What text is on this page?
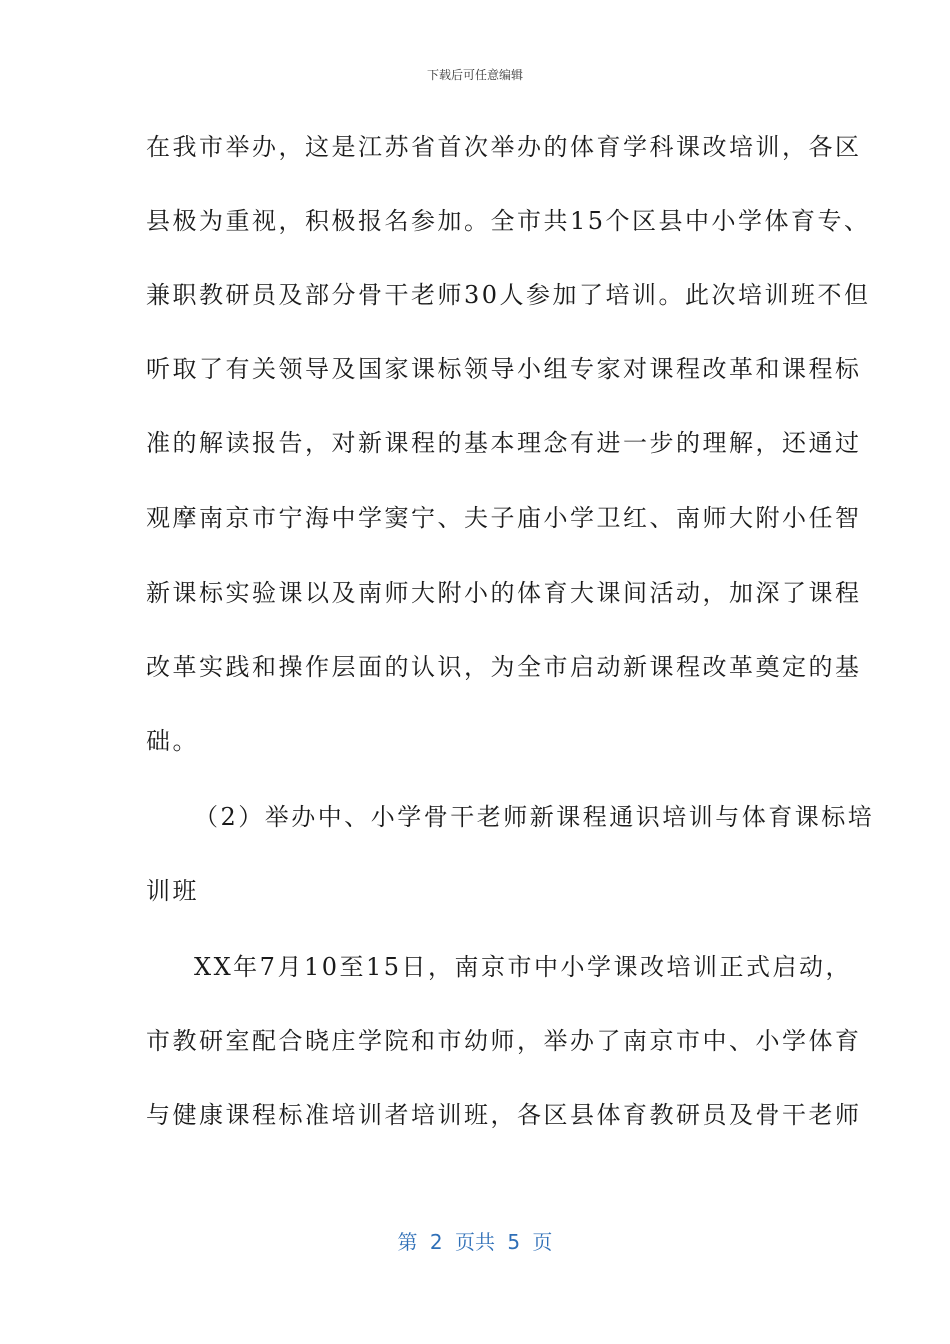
下载后可任意编辑
在我市举办，这是江苏省首次举办的体育学科课改培训，各区
县极为重视，积极报名参加。全市共15个区县中小学体育专、
兼职教研员及部分骨干老师30人参加了培训。此次培训班不但
听取了有关领导及国家课标领导小组专家对课程改革和课程标
准的解读报告，对新课程的基本理念有进一步的理解，还通过
观摩南京市宁海中学窦宁、夫子庙小学卫红、南师大附小任智
新课标实验课以及南师大附小的体育大课间活动，加深了课程
改革实践和操作层面的认识，为全市启动新课程改革奠定的基
础。
（2）举办中、小学骨干老师新课程通识培训与体育课标培
训班
XX年7月10至15日，南京市中小学课改培训正式启动，
市教研室配合晓庄学院和市幼师，举办了南京市中、小学体育
与健康课程标准培训者培训班，各区县体育教研员及骨干老师
第 2 页共 5 页
